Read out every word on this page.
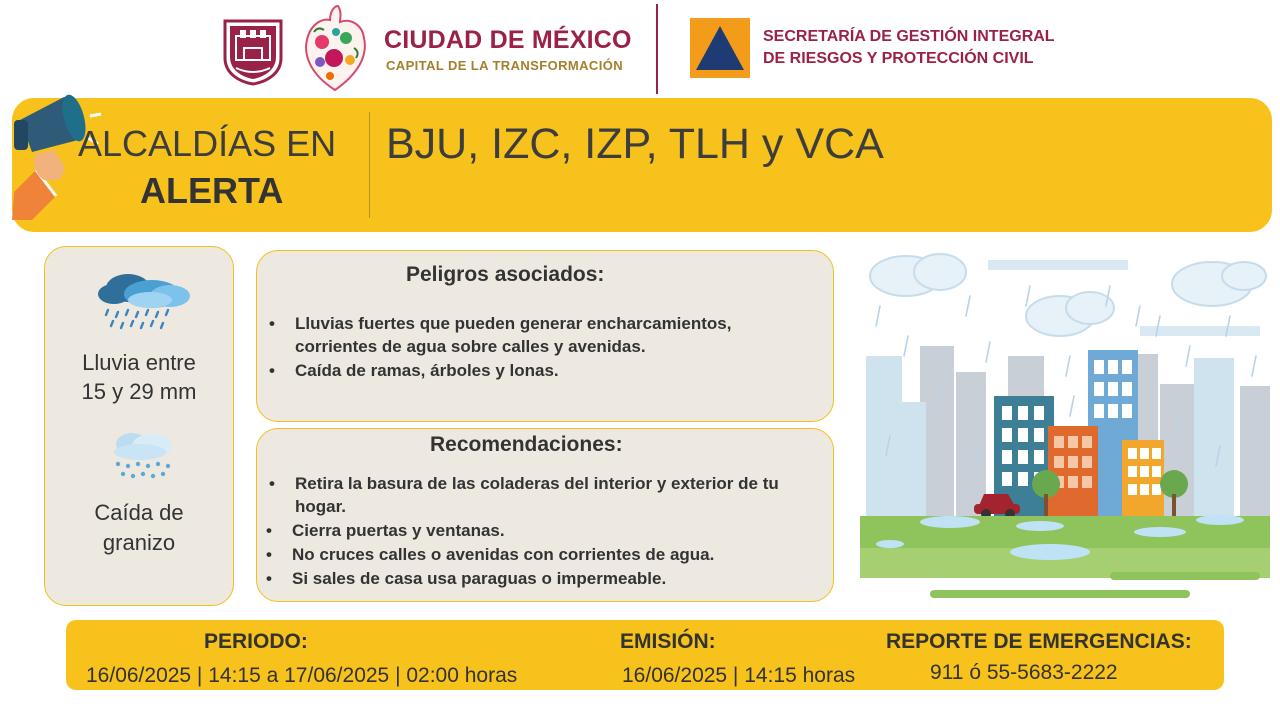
CIUDAD DE MÉXICO
CAPITAL DE LA TRANSFORMACIÓN
SECRETARÍA DE GESTIÓN INTEGRAL
DE RIESGOS Y PROTECCIÓN CIVIL
ALCALDÍAS EN
ALERTA
BJU, IZC, IZP, TLH y VCA
Lluvia entre
15 y 29 mm
Caída de
granizo
Peligros asociados:
• Lluvias fuertes que pueden generar encharcamientos,
corrientes de agua sobre calles y avenidas.
• Caída de ramas, árboles y lonas.
Recomendaciones:
• Retira la basura de las coladeras del interior y exterior de tu
hogar.
• Cierra puertas y ventanas.
• No cruces calles o avenidas con corrientes de agua.
• Si sales de casa usa paraguas o impermeable.
PERIODO:
16/06/2025 | 14:15 a 17/06/2025 | 02:00 horas
EMISIÓN:
16/06/2025 | 14:15 horas
REPORTE DE EMERGENCIAS:
911 ó 55-5683-2222
